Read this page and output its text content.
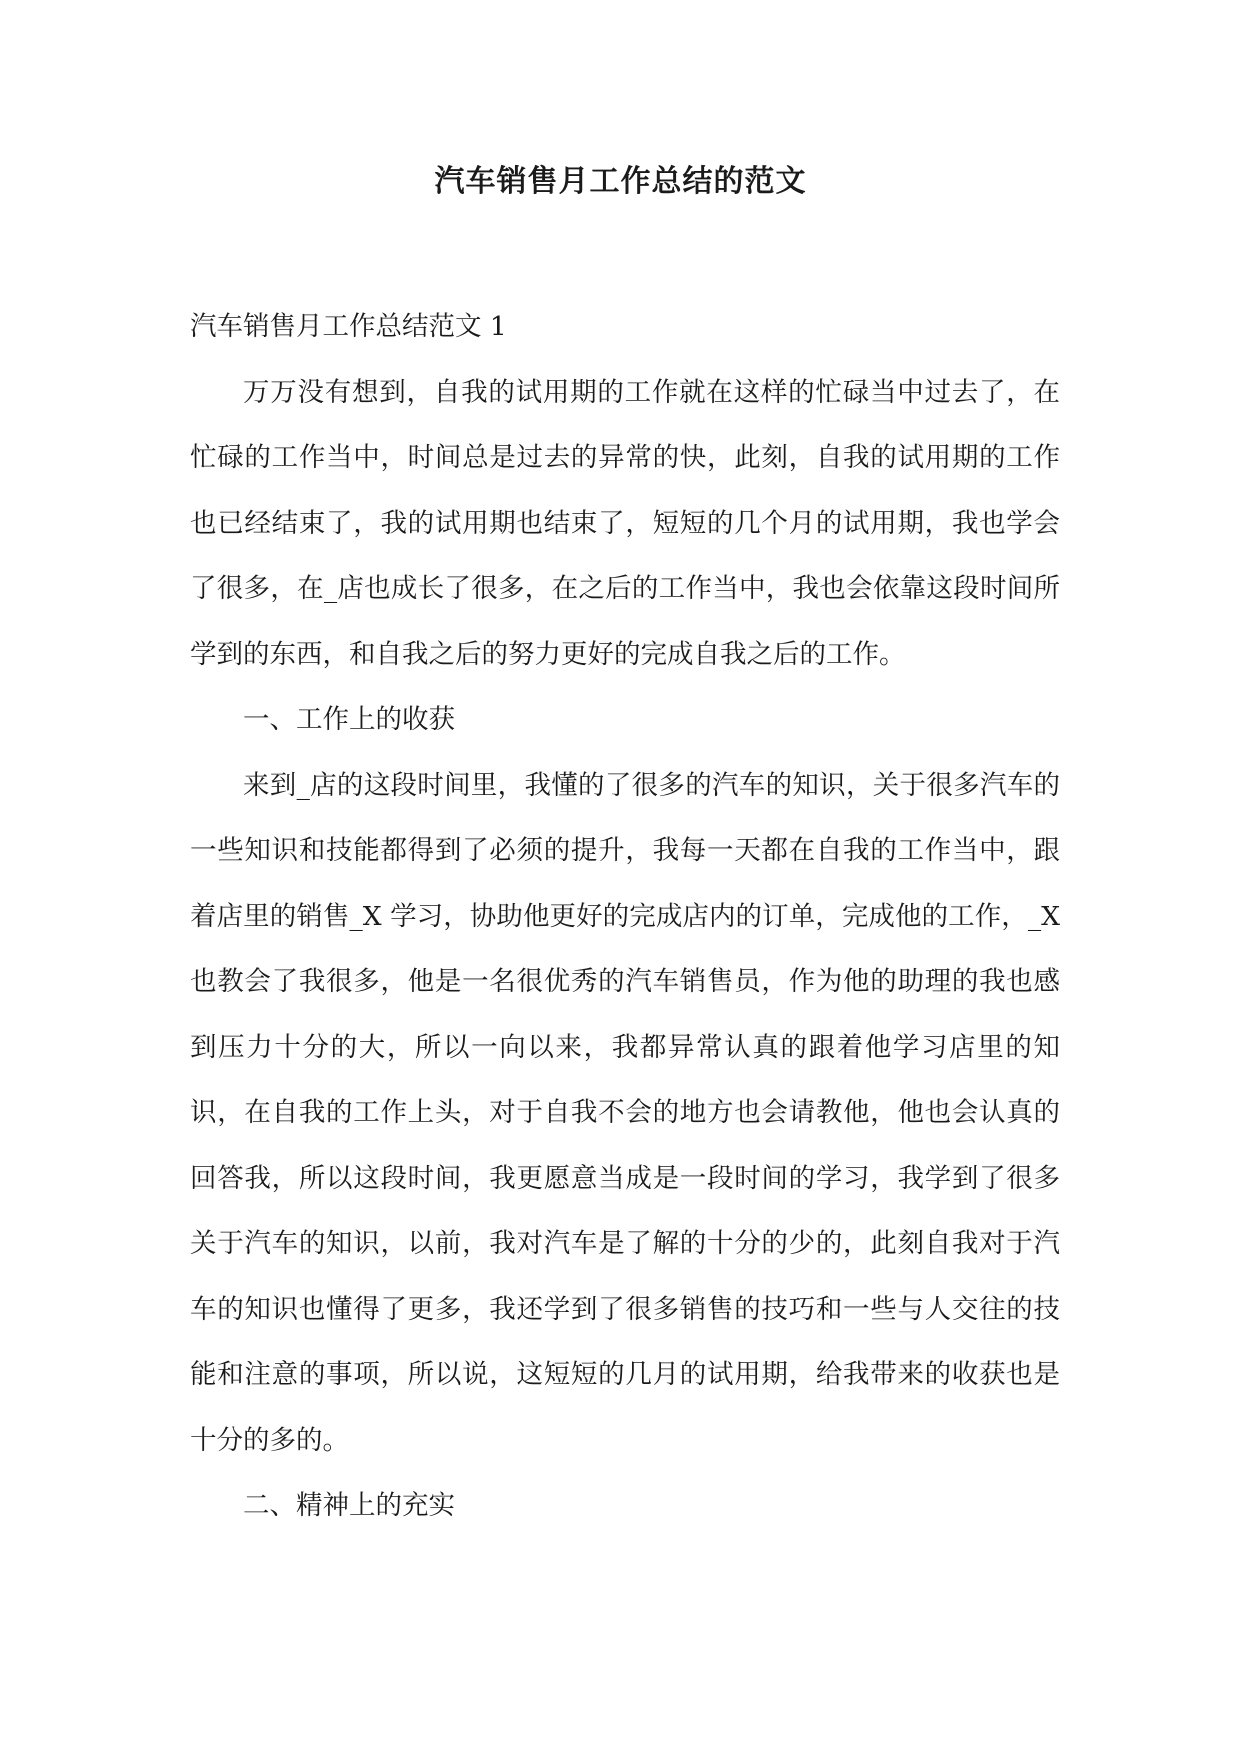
汽车销售月工作总结的范文

汽车销售月工作总结范文 1

万万没有想到，自我的试用期的工作就在这样的忙碌当中过去了，在忙碌的工作当中，时间总是过去的异常的快，此刻，自我的试用期的工作也已经结束了，我的试用期也结束了，短短的几个月的试用期，我也学会了很多，在_店也成长了很多，在之后的工作当中，我也会依靠这段时间所学到的东西，和自我之后的努力更好的完成自我之后的工作。

一、工作上的收获

来到_店的这段时间里，我懂的了很多的汽车的知识，关于很多汽车的一些知识和技能都得到了必须的提升，我每一天都在自我的工作当中，跟着店里的销售_X 学习，协助他更好的完成店内的订单，完成他的工作，_X 也教会了我很多，他是一名很优秀的汽车销售员，作为他的助理的我也感到压力十分的大，所以一向以来，我都异常认真的跟着他学习店里的知识，在自我的工作上头，对于自我不会的地方也会请教他，他也会认真的回答我，所以这段时间，我更愿意当成是一段时间的学习，我学到了很多关于汽车的知识，以前，我对汽车是了解的十分的少的，此刻自我对于汽车的知识也懂得了更多，我还学到了很多销售的技巧和一些与人交往的技能和注意的事项，所以说，这短短的几月的试用期，给我带来的收获也是十分的多的。

二、精神上的充实
